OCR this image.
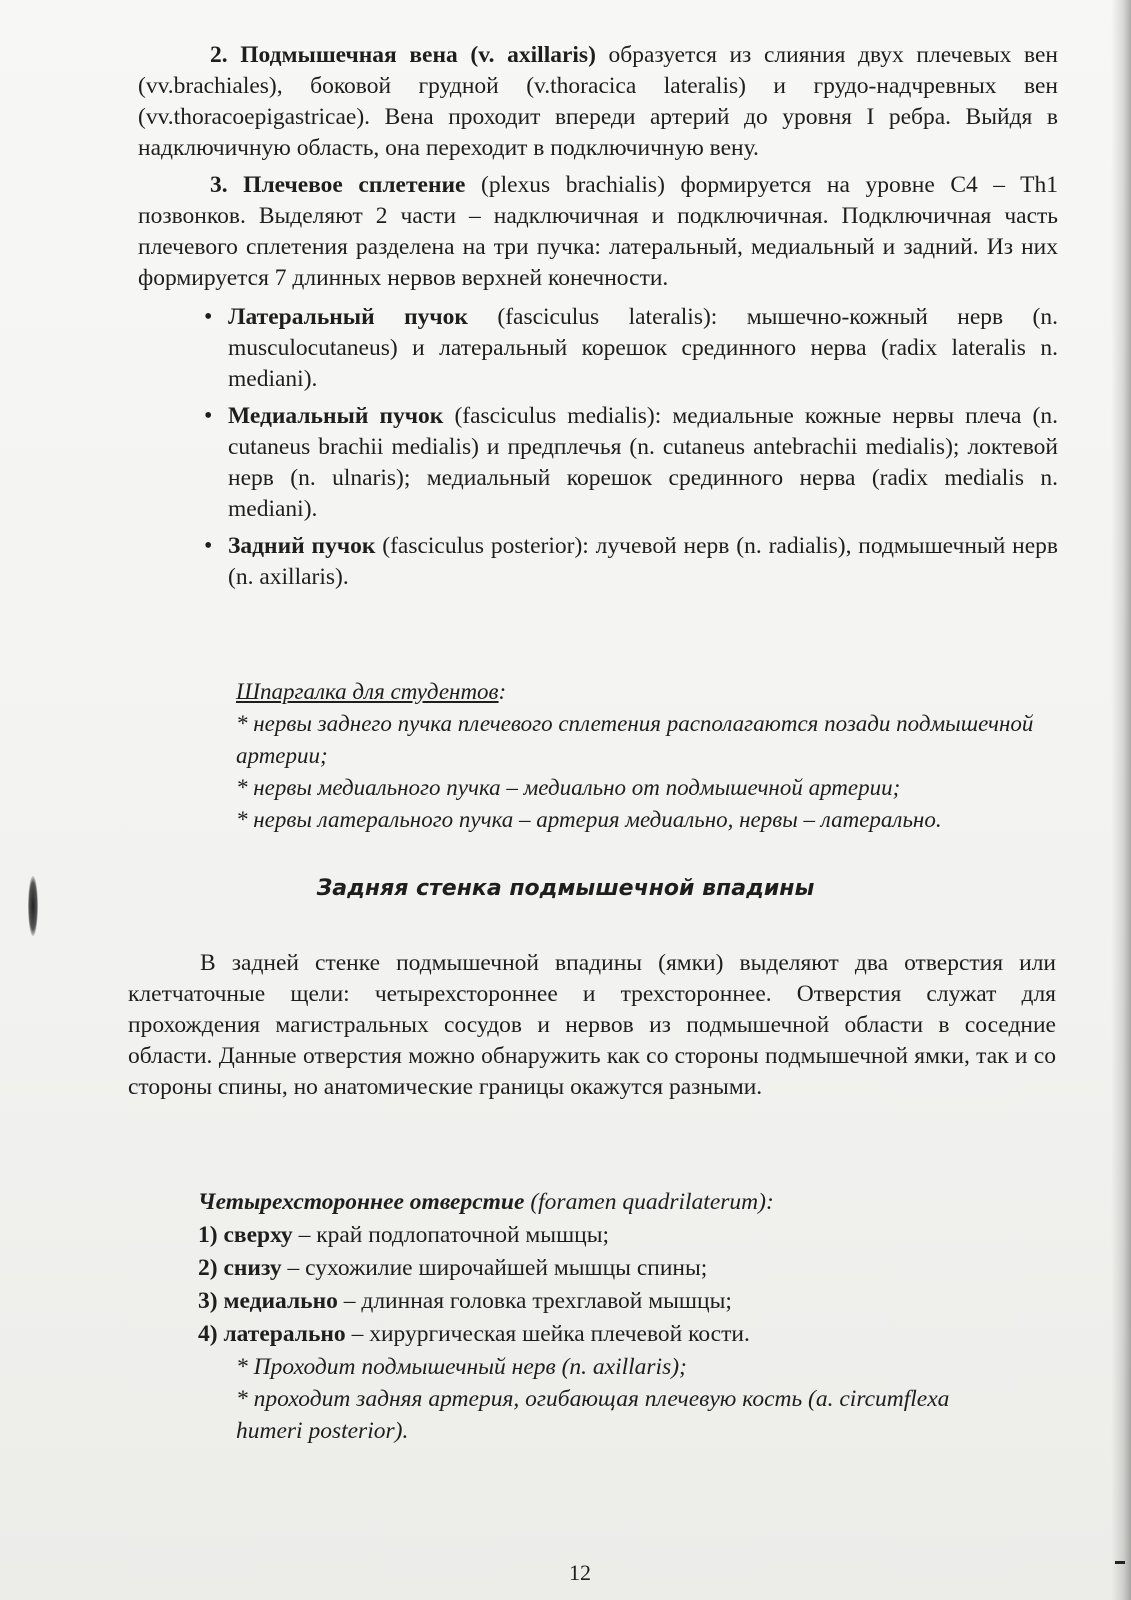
2. Подмышечная вена (v. axillaris) образуется из слияния двух плечевых вен (vv.brachiales), боковой грудной (v.thoracica lateralis) и грудо-надчревных вен (vv.thoracoepigastricae). Вена проходит впереди артерий до уровня I ребра. Выйдя в надключичную область, она переходит в подключичную вену.

3. Плечевое сплетение (plexus brachialis) формируется на уровне C4 – Th1 позвонков. Выделяют 2 части – надключичная и подключичная. Подключичная часть плечевого сплетения разделена на три пучка: латеральный, медиальный и задний. Из них формируется 7 длинных нервов верхней конечности.

• Латеральный пучок (fasciculus lateralis): мышечно-кожный нерв (n. musculocutaneus) и латеральный корешок срединного нерва (radix lateralis n. mediani).
• Медиальный пучок (fasciculus medialis): медиальные кожные нервы плеча (n. cutaneus brachii medialis) и предплечья (n. cutaneus antebrachii medialis); локтевой нерв (n. ulnaris); медиальный корешок срединного нерва (radix medialis n. mediani).
• Задний пучок (fasciculus posterior): лучевой нерв (n. radialis), подмышечный нерв (n. axillaris).

Шпаргалка для студентов:

* нервы заднего пучка плечевого сплетения располагаются позади подмышечной артерии;

* нервы медиального пучка – медиально от подмышечной артерии;

* нервы латерального пучка – артерия медиально, нервы – латерально.

Задняя стенка подмышечной впадины

В задней стенке подмышечной впадины (ямки) выделяют два отверстия или клетчаточные щели: четырехстороннее и трехстороннее. Отверстия служат для прохождения магистральных сосудов и нервов из подмышечной области в соседние области. Данные отверстия можно обнаружить как со стороны подмышечной ямки, так и со стороны спины, но анатомические границы окажутся разными.

Четырехстороннее отверстие (foramen quadrilaterum):

1) сверху – край подлопаточной мышцы;

2) снизу – сухожилие широчайшей мышцы спины;

3) медиально – длинная головка трехглавой мышцы;

4) латерально – хирургическая шейка плечевой кости.

* Проходит подмышечный нерв (n. axillaris);

* проходит задняя артерия, огибающая плечевую кость (a. circumflexa humeri posterior).

12
